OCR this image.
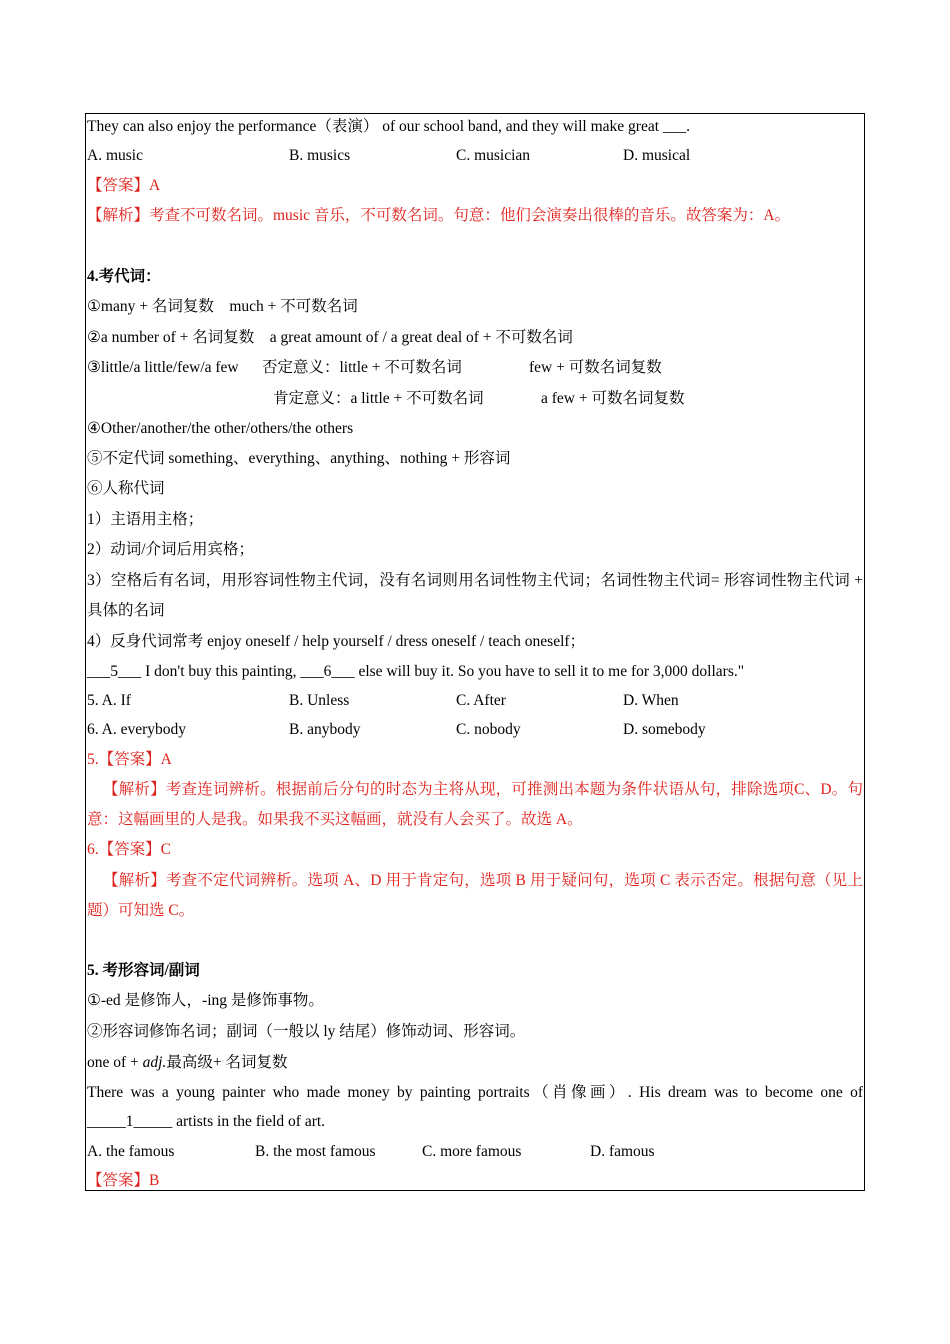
They can also enjoy the performance（表演） of our school band, and they will make great ___.
A. music	B. musics	C. musician	D. musical
【答案】A
【解析】考查不可数名词。music 音乐，不可数名词。句意：他们会演奏出很棒的音乐。故答案为：A。
4.考代词：
①many + 名词复数　much + 不可数名词
②a number of + 名词复数　a great amount of / a great deal of + 不可数名词
③little/a little/few/a few 否定意义：little + 不可数名词	few + 可数名词复数
肯定意义：a little + 不可数名词	a few + 可数名词复数
④Other/another/the other/others/the others
⑤不定代词 something、everything、anything、nothing + 形容词
⑥人称代词
1）主语用主格；
2）动词/介词后用宾格；
3）空格后有名词，用形容词性物主代词，没有名词则用名词性物主代词；名词性物主代词= 形容词性物主代词 + 具体的名词
4）反身代词常考 enjoy oneself / help yourself / dress oneself / teach oneself；
___5___ I don't buy this painting, ___6___ else will buy it. So you have to sell it to me for 3,000 dollars."
5. A. If	B. Unless	C. After	D. When
6. A. everybody	B. anybody	C. nobody	D. somebody
5.【答案】A
【解析】考查连词辨析。根据前后分句的时态为主将从现，可推测出本题为条件状语从句，排除选项C、D。句意：这幅画里的人是我。如果我不买这幅画，就没有人会买了。故选 A。
6.【答案】C
【解析】考查不定代词辨析。选项 A、D 用于肯定句，选项 B 用于疑问句，选项 C 表示否定。根据句意（见上题）可知选 C。
5. 考形容词/副词
①-ed 是修饰人，-ing 是修饰事物。
②形容词修饰名词；副词（一般以 ly 结尾）修饰动词、形容词。
one of + adj.最高级+ 名词复数
There was a young painter who made money by painting portraits（肖像画）. His dream was to become one of _____1_____ artists in the field of art.
A. the famous	B. the most famous	C. more famous	D. famous
【答案】B
